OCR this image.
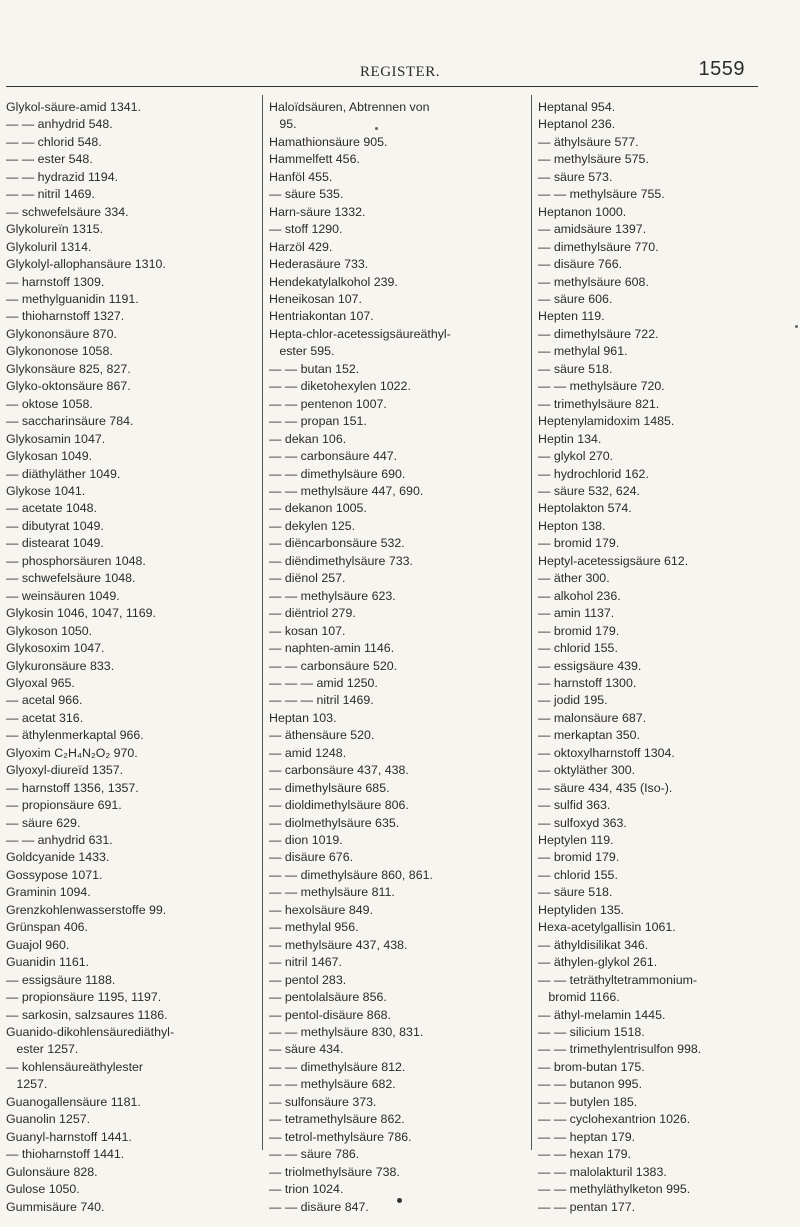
REGISTER.	1559
Glykol-säure-amid 1341.
— — anhydrid 548.
— — chlorid 548.
— — ester 548.
— — hydrazid 1194.
— — nitril 1469.
— schwefelsäure 334.
Glykolureïn 1315.
Glykoluril 1314.
Glykolyl-allophansäure 1310.
— harnstoff 1309.
— methylguanidin 1191.
— thioharnstoff 1327.
Glykononsäure 870.
Glykononose 1058.
Glykonsäure 825, 827.
Glyko-oktonsäure 867.
— oktose 1058.
— saccharinsäure 784.
Glykosamin 1047.
Glykosan 1049.
— diäthyläther 1049.
Glykose 1041.
— acetate 1048.
— dibutyrat 1049.
— distearat 1049.
— phosphorsäuren 1048.
— schwefelsäure 1048.
— weinsäuren 1049.
Glykosin 1046, 1047, 1169.
Glykoson 1050.
Glykosoxim 1047.
Glykuronsäure 833.
Glyoxal 965.
— acetal 966.
— acetat 316.
— äthylenmerkaptal 966.
Glyoxim C₂H₄N₂O₂ 970.
Glyoxyl-diureïd 1357.
— harnstoff 1356, 1357.
— propionsäure 691.
— säure 629.
— — anhydrid 631.
Goldcyanide 1433.
Gossypose 1071.
Graminin 1094.
Grenzkohlenwasserstoffe 99.
Grünspan 406.
Guajol 960.
Guanidin 1161.
— essigsäure 1188.
— propionsäure 1195, 1197.
— sarkosin, salzsaures 1186.
Guanido-dikohlensäurediäthyl-
ester 1257.
— kohlensäureäthylester
1257.
Guanogallensäure 1181.
Guanolin 1257.
Guanyl-harnstoff 1441.
— thioharnstoff 1441.
Gulonsäure 828.
Gulose 1050.
Gummisäure 740.
Haloïdsäuren, Abtrennen von
95.
Hamathionsäure 905.
Hammelfett 456.
Hanföl 455.
— säure 535.
Harn-säure 1332.
— stoff 1290.
Harzöl 429.
Hederasäure 733.
Hendekatylalkohol 239.
Heneikosan 107.
Hentriakontan 107.
Hepta-chlor-acetessigsäureäthyl-
ester 595.
— — butan 152.
— — diketohexylen 1022.
— — pentenon 1007.
— — propan 151.
— dekan 106.
— — carbonsäure 447.
— — dimethylsäure 690.
— — methylsäure 447, 690.
— dekanon 1005.
— dekylen 125.
— diëncarbonsäure 532.
— diëndimethylsäure 733.
— diënol 257.
— — methylsäure 623.
— diëntriol 279.
— kosan 107.
— naphten-amin 1146.
— — carbonsäure 520.
— — — amid 1250.
— — — nitril 1469.
Heptan 103.
— äthensäure 520.
— amid 1248.
— carbonsäure 437, 438.
— dimethylsäure 685.
— dioldimethylsäure 806.
— diolmethylsäure 635.
— dion 1019.
— disäure 676.
— — dimethylsäure 860, 861.
— — methylsäure 811.
— hexolsäure 849.
— methylal 956.
— methylsäure 437, 438.
— nitril 1467.
— pentol 283.
— pentolalsäure 856.
— pentol-disäure 868.
— — methylsäure 830, 831.
— säure 434.
— — dimethylsäure 812.
— — methylsäure 682.
— sulfonsäure 373.
— tetramethylsäure 862.
— tetrol-methylsäure 786.
— — säure 786.
— triolmethylsäure 738.
— trion 1024.
— — disäure 847.
Heptanal 954.
Heptanol 236.
— äthylsäure 577.
— methylsäure 575.
— säure 573.
— — methylsäure 755.
Heptanon 1000.
— amidsäure 1397.
— dimethylsäure 770.
— disäure 766.
— methylsäure 608.
— säure 606.
Hepten 119.
— dimethylsäure 722.
— methylal 961.
— säure 518.
— — methylsäure 720.
— trimethylsäure 821.
Heptenylamidoxim 1485.
Heptin 134.
— glykol 270.
— hydrochlorid 162.
— säure 532, 624.
Heptolakton 574.
Hepton 138.
— bromid 179.
Heptyl-acetessigsäure 612.
— äther 300.
— alkohol 236.
— amin 1137.
— bromid 179.
— chlorid 155.
— essigsäure 439.
— harnstoff 1300.
— jodid 195.
— malonsäure 687.
— merkaptan 350.
— oktoxylharnstoff 1304.
— oktyläther 300.
— säure 434, 435 (Iso-).
— sulfid 363.
— sulfoxyd 363.
Heptylen 119.
— bromid 179.
— chlorid 155.
— säure 518.
Heptyliden 135.
Hexa-acetylgallisin 1061.
— äthyldisilikat 346.
— äthylen-glykol 261.
— — teträthyltetrammonium-
bromid 1166.
— äthyl-melamin 1445.
— — silicium 1518.
— — trimethylentrisulfon 998.
— brom-butan 175.
— — butanon 995.
— — butylen 185.
— — cyclohexantrion 1026.
— — heptan 179.
— — hexan 179.
— — malolakturil 1383.
— — methyläthylketon 995.
— — pentan 177.
